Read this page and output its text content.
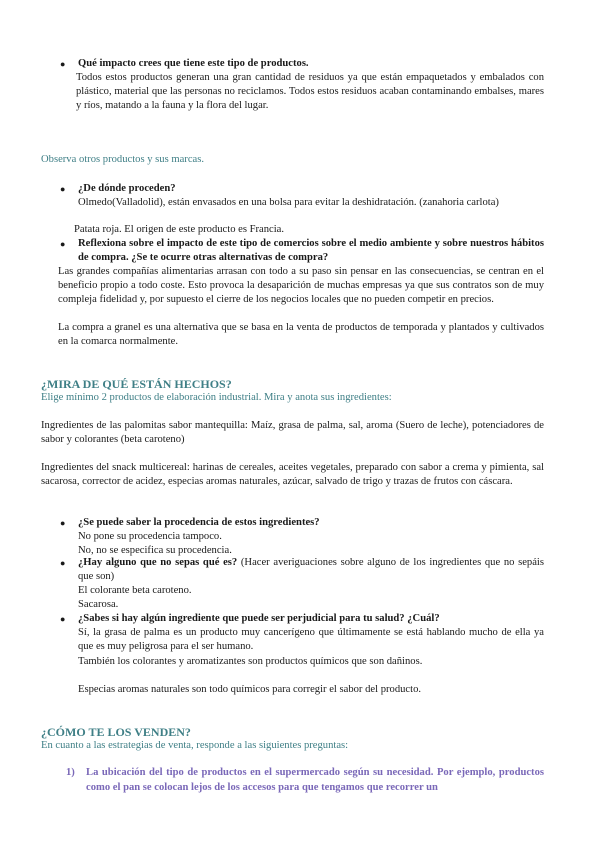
● Qué impacto crees que tiene este tipo de productos.
Todos estos productos generan una gran cantidad de residuos ya que están empaquetados y embalados con plástico, material que las personas no reciclamos. Todos estos residuos acaban contaminando embalses, mares y ríos, matando a la fauna y la flora del lugar.
Observa otros productos y sus marcas.
● ¿De dónde proceden?
Olmedo(Valladolid), están envasados en una bolsa para evitar la deshidratación. (zanahoria carlota)
Patata roja. El origen de este producto es Francia.
● Reflexiona sobre el impacto de este tipo de comercios sobre el medio ambiente y sobre nuestros hábitos de compra. ¿Se te ocurre otras alternativas de compra?
Las grandes compañías alimentarias arrasan con todo a su paso sin pensar en las consecuencias, se centran en el beneficio propio a todo coste. Esto provoca la desaparición de muchas empresas ya que sus contratos son de muy compleja fidelidad y, por supuesto el cierre de los negocios locales que no pueden competir en precios.
La compra a granel es una alternativa que se basa en la venta de productos de temporada y plantados y cultivados en la comarca normalmente.
¿MIRA DE QUÉ ESTÁN HECHOS?
Elige mínimo 2 productos de elaboración industrial. Mira y anota sus ingredientes:
Ingredientes de las palomitas sabor mantequilla: Maíz, grasa de palma, sal, aroma (Suero de leche), potenciadores de sabor y colorantes (beta caroteno)
Ingredientes del snack multicereal: harinas de cereales, aceites vegetales, preparado con sabor a crema y pimienta, sal sacarosa, corrector de acidez, especias aromas naturales, azúcar, salvado de trigo y trazas de frutos con cáscara.
● ¿Se puede saber la procedencia de estos ingredientes?
No pone su procedencia tampoco.
No, no se especifica su procedencia.
● ¿Hay alguno que no sepas qué es? (Hacer averiguaciones sobre alguno de los ingredientes que no sepáis que son)
El colorante beta caroteno.
Sacarosa.
● ¿Sabes si hay algún ingrediente que puede ser perjudicial para tu salud? ¿Cuál?
Sí, la grasa de palma es un producto muy cancerígeno que últimamente se está hablando mucho de ella ya que es muy peligrosa para el ser humano.
También los colorantes y aromatizantes son productos químicos que son dañinos.
Especias aromas naturales son todo químicos para corregir el sabor del producto.
¿CÓMO TE LOS VENDEN?
En cuanto a las estrategias de venta, responde a las siguientes preguntas:
1) La ubicación del tipo de productos en el supermercado según su necesidad. Por ejemplo, productos como el pan se colocan lejos de los accesos para que tengamos que recorrer un
